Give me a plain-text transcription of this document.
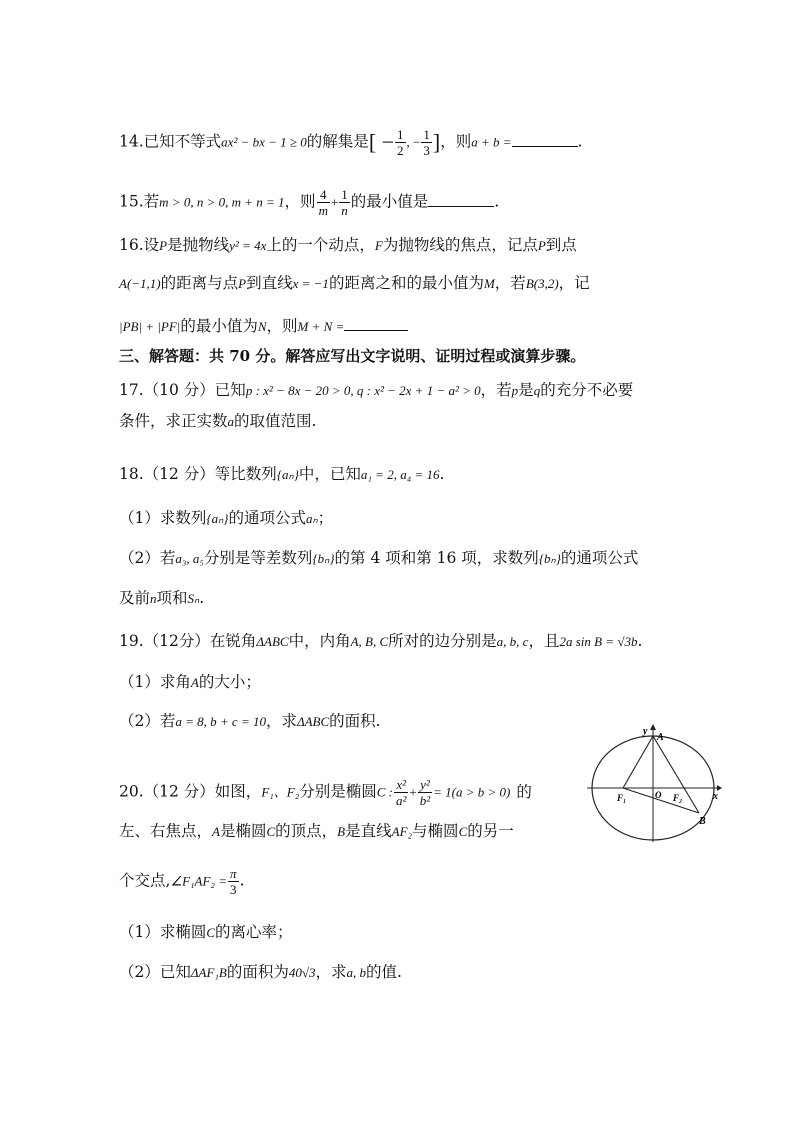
14.已知不等式ax² − bx − 1 ≥ 0的解集是[ − $\frac{1}{2}$ , − $\frac{1}{3}$ ]，则a + b =	.
15.若m > 0, n > 0, m + n = 1，则 $\frac{4}{m} + \frac{1}{n}$ 的最小值是	.
16.设P是抛物线y² = 4x上的一个动点，F为抛物线的焦点，记点P到点
A(−1,1)的距离与点P到直线x = −1的距离之和的最小值为M，若B(3,2)，记
|PB| + |PF|的最小值为N，则M + N =
三、解答题：共 70 分。解答应写出文字说明、证明过程或演算步骤。
17.（10 分）已知p : x² − 8x − 20 > 0, q : x² − 2x + 1 − a² > 0，若p是q的充分不必要
条件，求正实数a的取值范围.
18.（12 分）等比数列{aₙ}中，已知a₁ = 2, a₄ = 16.
（1）求数列{aₙ}的通项公式aₙ；
（2）若a₃, a₅分别是等差数列{bₙ}的第 4 项和第 16 项，求数列{bₙ}的通项公式
及前n项和Sₙ.
19.（12分）在锐角ΔABC中，内角A, B, C所对的边分别是a, b, c，且2a sin B = √3b.
（1）求角A的大小；
（2）若a = 8, b + c = 10，求ΔABC的面积.
20.（12 分）如图，F₁、F₂分别是椭圆C : $\frac{\text{x²}}{\text{a²}} + \frac{\text{y²}}{\text{b²}} = 1(a > b > 0)$ 的
左、右焦点，A是椭圆C的顶点，B是直线AF₂与椭圆C的另一
个交点,∠F₁AF₂ = $\frac{\pi}{3}$ .
（1）求椭圆C的离心率；
（2）已知ΔAF₁B的面积为40√3，求a, b的值.
y
A
x
F₁	O F₂
B
